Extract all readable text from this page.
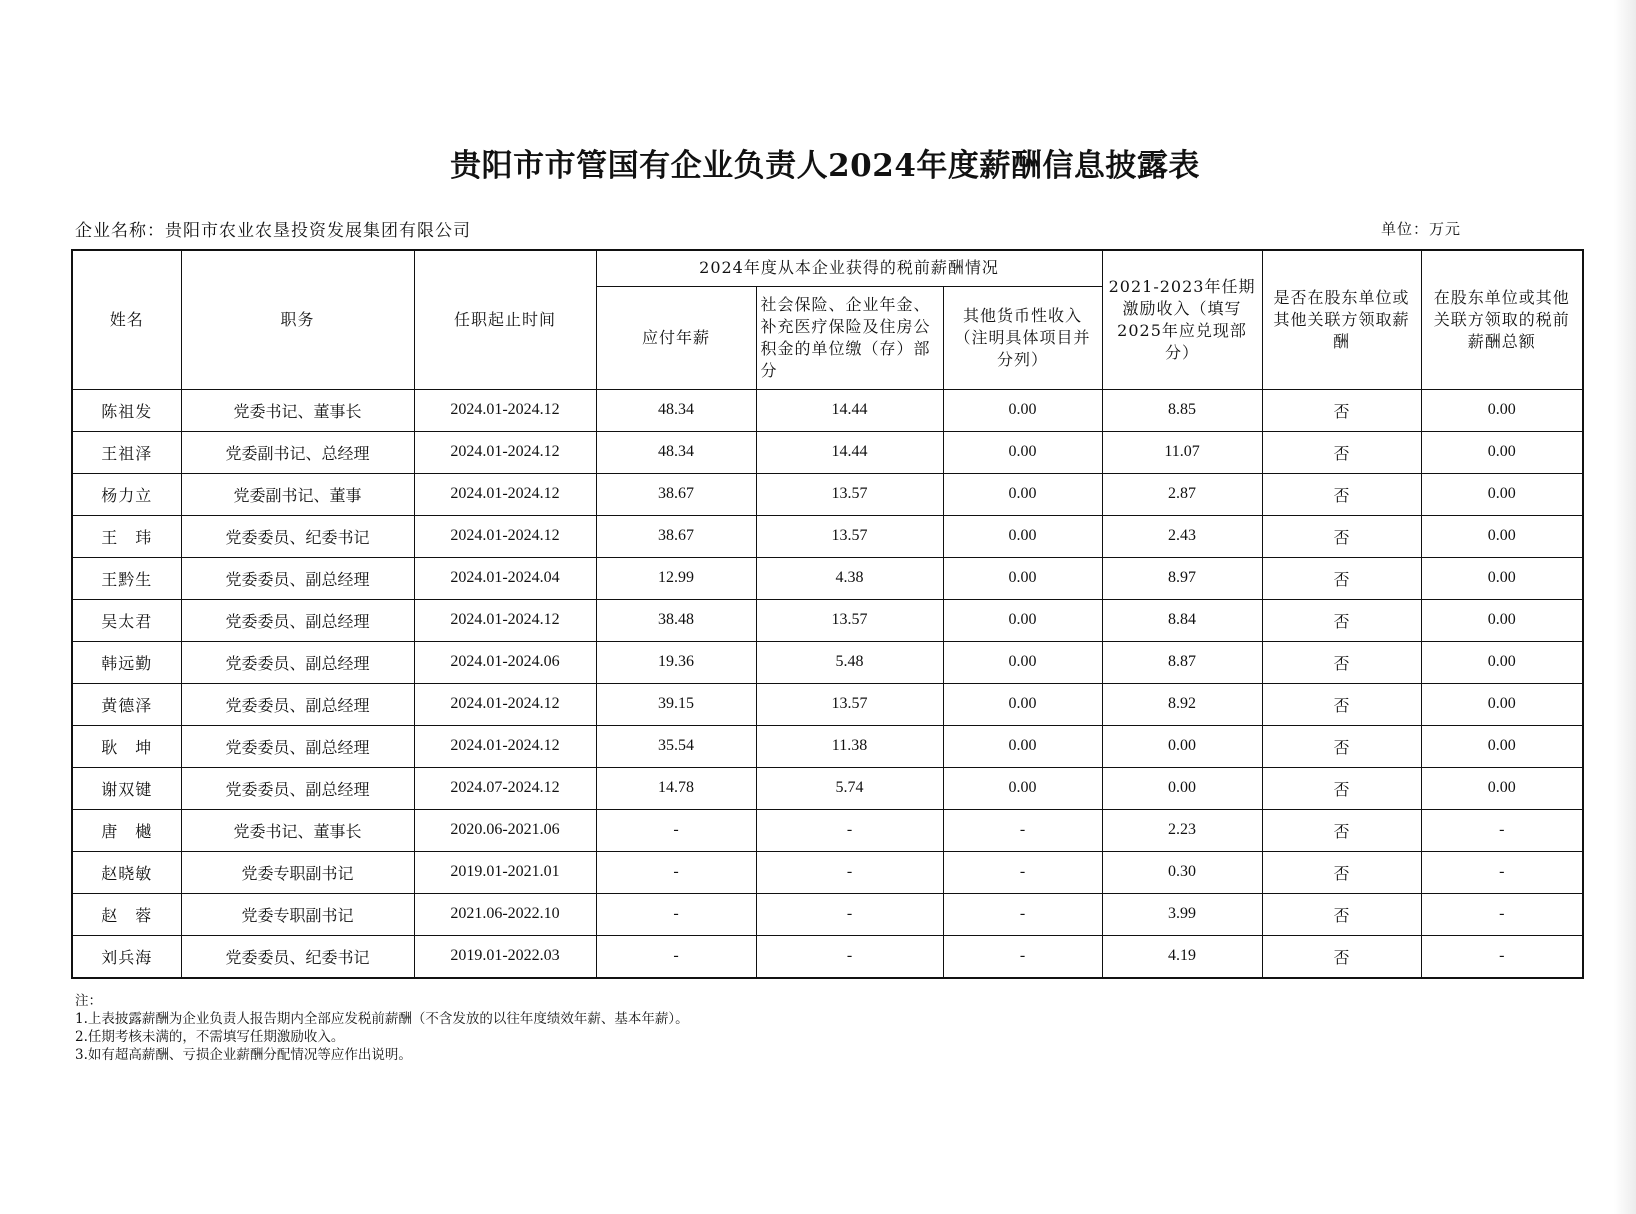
贵阳市市管国有企业负责人2024年度薪酬信息披露表
企业名称：贵阳市农业农垦投资发展集团有限公司	单位：万元
姓名	职务	任职起止时间	2024年度从本企业获得的税前薪酬情况			2021-2023年任期激励收入（填写2025年应兑现部分）	是否在股东单位或其他关联方领取薪酬	在股东单位或其他关联方领取的税前薪酬总额
			应付年薪	社会保险、企业年金、补充医疗保险及住房公积金的单位缴（存）部分	其他货币性收入（注明具体项目并分列）			
陈祖发	党委书记、董事长	2024.01-2024.12	48.34	14.44	0.00	8.85	否	0.00
王祖泽	党委副书记、总经理	2024.01-2024.12	48.34	14.44	0.00	11.07	否	0.00
杨力立	党委副书记、董事	2024.01-2024.12	38.67	13.57	0.00	2.87	否	0.00
王　玮	党委委员、纪委书记	2024.01-2024.12	38.67	13.57	0.00	2.43	否	0.00
王黔生	党委委员、副总经理	2024.01-2024.04	12.99	4.38	0.00	8.97	否	0.00
吴太君	党委委员、副总经理	2024.01-2024.12	38.48	13.57	0.00	8.84	否	0.00
韩远勤	党委委员、副总经理	2024.01-2024.06	19.36	5.48	0.00	8.87	否	0.00
黄德泽	党委委员、副总经理	2024.01-2024.12	39.15	13.57	0.00	8.92	否	0.00
耿　坤	党委委员、副总经理	2024.01-2024.12	35.54	11.38	0.00	0.00	否	0.00
谢双键	党委委员、副总经理	2024.07-2024.12	14.78	5.74	0.00	0.00	否	0.00
唐　樾	党委书记、董事长	2020.06-2021.06	-	-	-	2.23	否	-
赵晓敏	党委专职副书记	2019.01-2021.01	-	-	-	0.30	否	-
赵　蓉	党委专职副书记	2021.06-2022.10	-	-	-	3.99	否	-
刘兵海	党委委员、纪委书记	2019.01-2022.03	-	-	-	4.19	否	-
注：
1.上表披露薪酬为企业负责人报告期内全部应发税前薪酬（不含发放的以往年度绩效年薪、基本年薪）。
2.任期考核未满的，不需填写任期激励收入。
3.如有超高薪酬、亏损企业薪酬分配情况等应作出说明。
